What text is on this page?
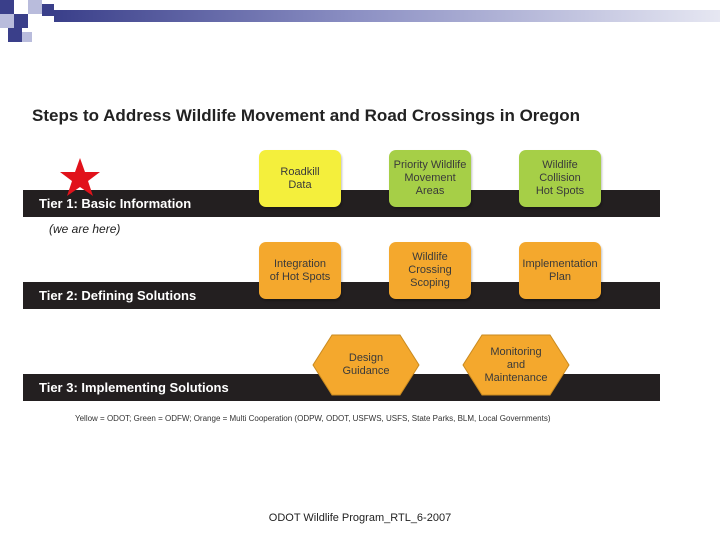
Steps to Address Wildlife Movement and Road Crossings in Oregon
Tier 1: Basic Information
Tier 2: Defining Solutions
Tier 3: Implementing Solutions
Roadkill
Data
Priority Wildlife
Movement
Areas
Wildlife
Collision
Hot Spots
Integration
of Hot Spots
Wildlife
Crossing
Scoping
Implementation
Plan
Design
Guidance
Monitoring
and
Maintenance
(we are here)
Yellow = ODOT; Green = ODFW; Orange = Multi Cooperation (ODPW, ODOT, USFWS, USFS, State Parks, BLM, Local Governments)
ODOT Wildlife Program_RTL_6-2007
